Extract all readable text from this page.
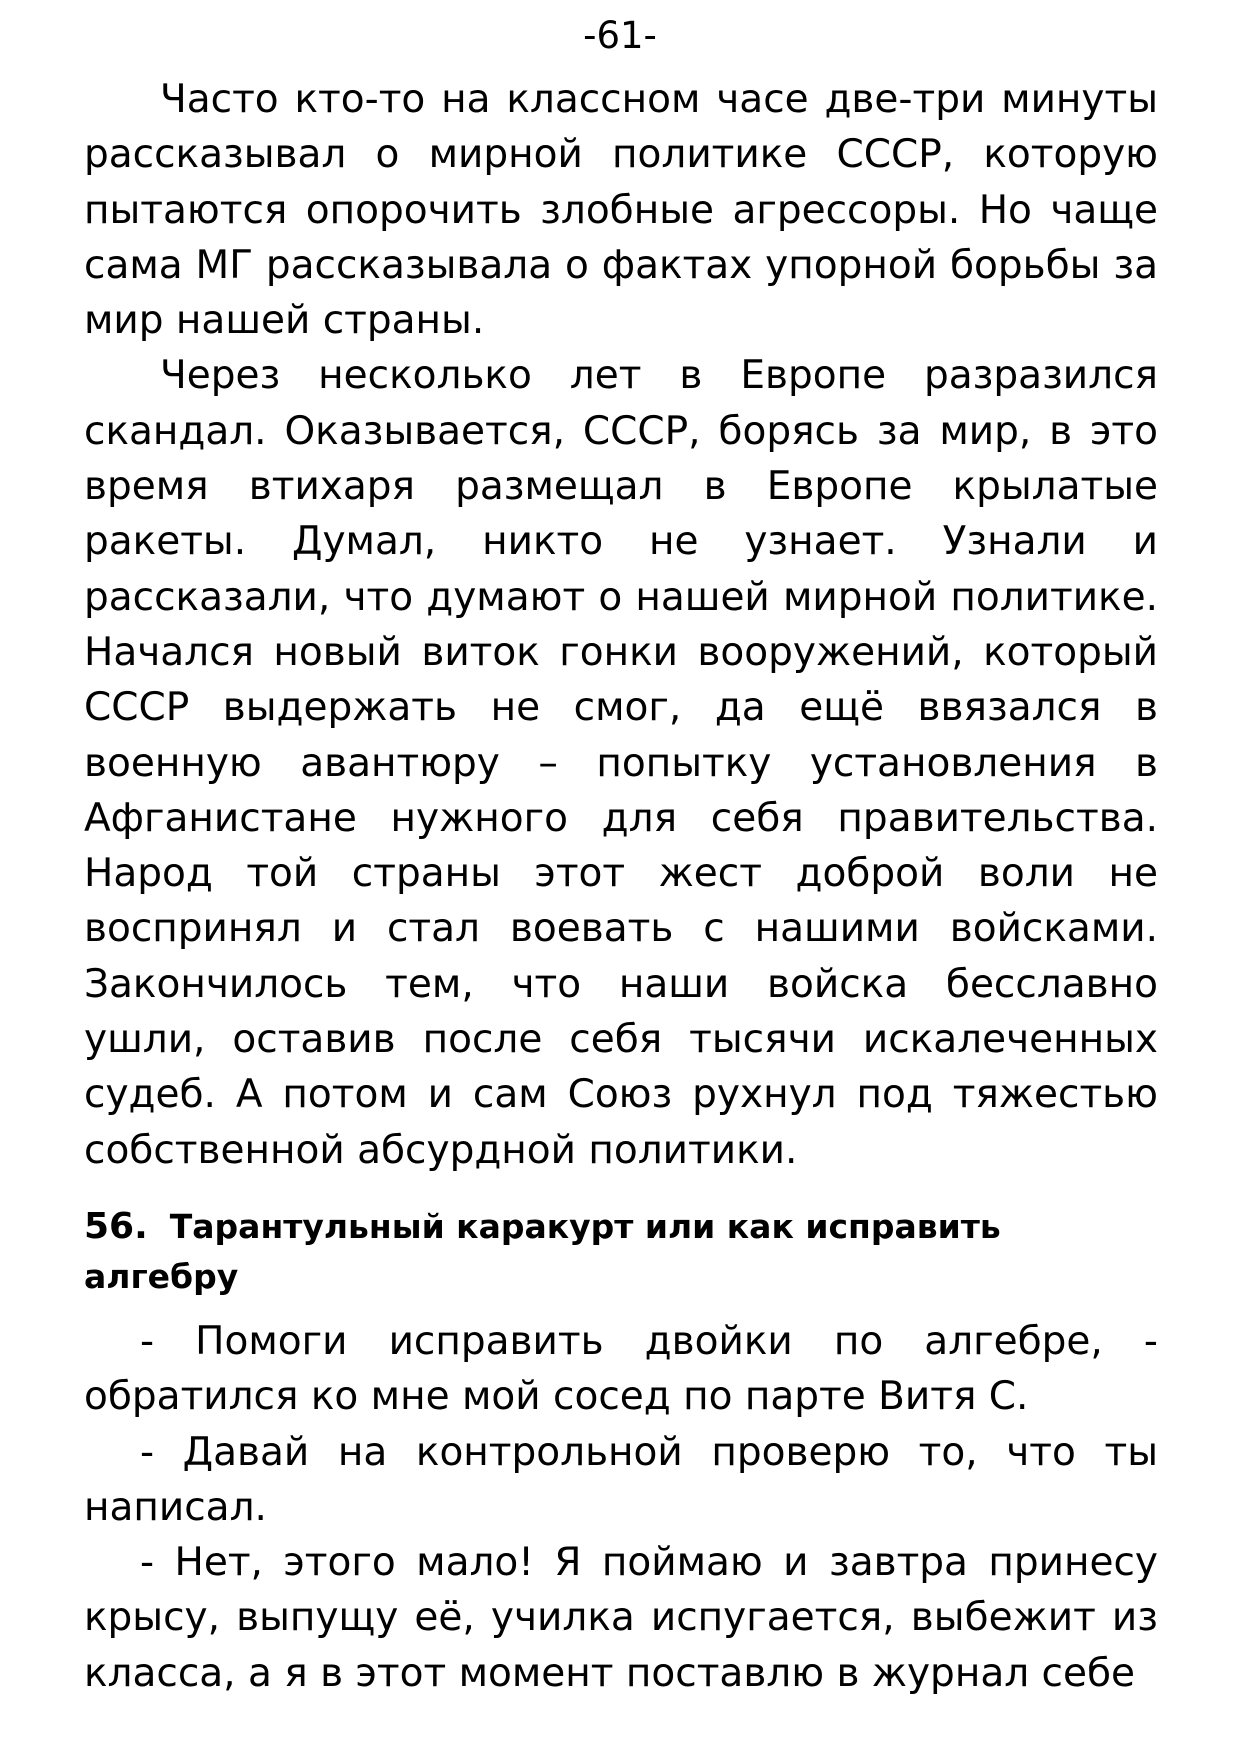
-61-

Часто кто-то на классном часе две-три минуты рассказывал о мирной политике СССР, которую пытаются опорочить злобные агрессоры. Но чаще сама МГ рассказывала о фактах упорной борьбы за мир нашей страны.

Через несколько лет в Европе разразился скандал. Оказывается, СССР, борясь за мир, в это время втихаря размещал в Европе крылатые ракеты. Думал, никто не узнает. Узнали и рассказали, что думают о нашей мирной политике. Начался новый виток гонки вооружений, который СССР выдержать не смог, да ещё ввязался в военную авантюру – попытку установления в Афганистане нужного для себя правительства. Народ той страны этот жест доброй воли не воспринял и стал воевать с нашими войсками. Закончилось тем, что наши войска бесславно ушли, оставив после себя тысячи искалеченных судеб. А потом и сам Союз рухнул под тяжестью собственной абсурдной политики.

56. Тарантульный каракурт или как исправить алгебру

- Помоги исправить двойки по алгебре, - обратился ко мне мой сосед по парте Витя С.

- Давай на контрольной проверю то, что ты написал.

- Нет, этого мало! Я поймаю и завтра принесу крысу, выпущу её, училка испугается, выбежит из класса, а я в этот момент поставлю в журнал себе
